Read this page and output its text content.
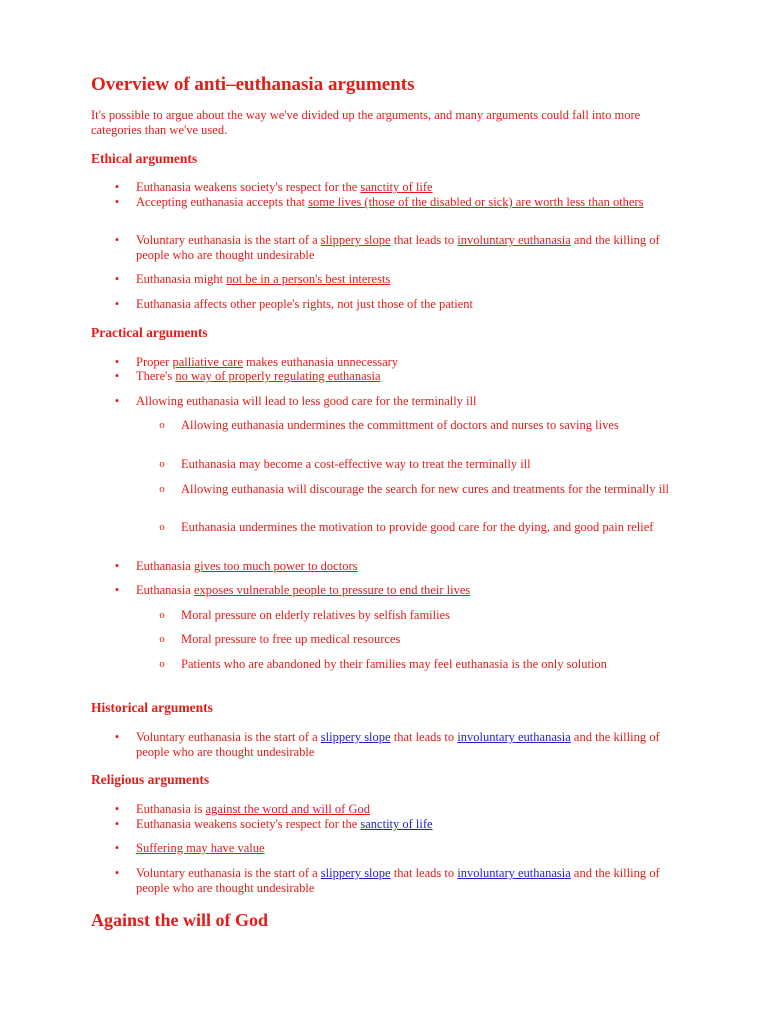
Overview of anti–euthanasia arguments

It's possible to argue about the way we've divided up the arguments, and many arguments could fall into more categories than we've used.

Ethical arguments
• Euthanasia weakens society's respect for the sanctity of life
• Accepting euthanasia accepts that some lives (those of the disabled or sick) are worth less than others
• Voluntary euthanasia is the start of a slippery slope that leads to involuntary euthanasia and the killing of people who are thought undesirable
• Euthanasia might not be in a person's best interests
• Euthanasia affects other people's rights, not just those of the patient
Practical arguments
• Proper palliative care makes euthanasia unnecessary
• There's no way of properly regulating euthanasia
• Allowing euthanasia will lead to less good care for the terminally ill
o Allowing euthanasia undermines the committment of doctors and nurses to saving lives
o Euthanasia may become a cost-effective way to treat the terminally ill
o Allowing euthanasia will discourage the search for new cures and treatments for the terminally ill
o Euthanasia undermines the motivation to provide good care for the dying, and good pain relief
• Euthanasia gives too much power to doctors
• Euthanasia exposes vulnerable people to pressure to end their lives
o Moral pressure on elderly relatives by selfish families
o Moral pressure to free up medical resources
o Patients who are abandoned by their families may feel euthanasia is the only solution
Historical arguments
• Voluntary euthanasia is the start of a slippery slope that leads to involuntary euthanasia and the killing of people who are thought undesirable
Religious arguments
• Euthanasia is against the word and will of God
• Euthanasia weakens society's respect for the sanctity of life
• Suffering may have value
• Voluntary euthanasia is the start of a slippery slope that leads to involuntary euthanasia and the killing of people who are thought undesirable
Against the will of God
